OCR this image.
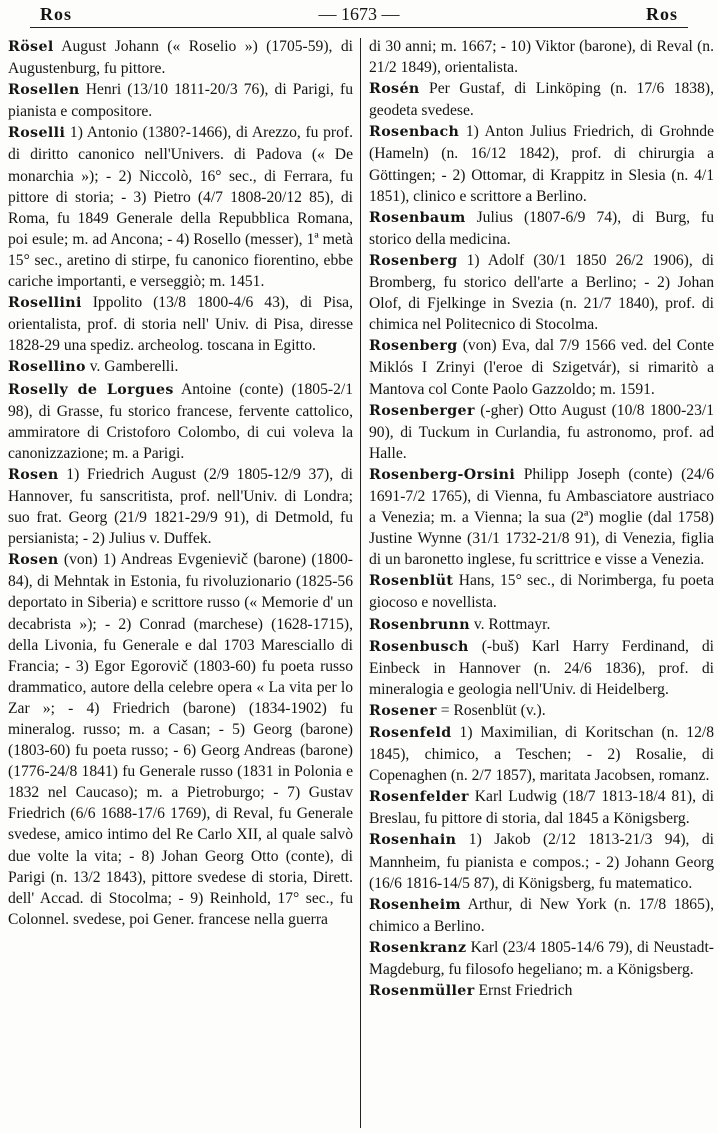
Ros	— 1673 —	Ros

Rösel August Johann (« Roselio ») (1705-59), di Augustenburg, fu pittore.

Rosellen Henri (13/10 1811-20/3 76), di Parigi, fu pianista e compositore.

Roselli 1) Antonio (1380?-1466), di Arezzo, fu prof. di diritto canonico nell'Univers. di Padova (« De monarchia »); - 2) Niccolò, 16° sec., di Ferrara, fu pittore di storia; - 3) Pietro (4/7 1808-20/12 85), di Roma, fu 1849 Generale della Repubblica Romana, poi esule; m. ad Ancona; - 4) Rosello (messer), 1ª metà 15° sec., aretino di stirpe, fu canonico fiorentino, ebbe cariche importanti, e verseggiò; m. 1451.

Rosellini Ippolito (13/8 1800-4/6 43), di Pisa, orientalista, prof. di storia nell' Univ. di Pisa, diresse 1828-29 una spediz. archeolog. toscana in Egitto.

Rosellino v. Gamberelli.

Roselly de Lorgues Antoine (conte) (1805-2/1 98), di Grasse, fu storico francese, fervente cattolico, ammiratore di Cristoforo Colombo, di cui voleva la canonizzazione; m. a Parigi.

Rosen 1) Friedrich August (2/9 1805-12/9 37), di Hannover, fu sanscritista, prof. nell'Univ. di Londra; suo frat. Georg (21/9 1821-29/9 91), di Detmold, fu persianista; - 2) Julius v. Duffek.

Rosen (von) 1) Andreas Evgenievič (barone) (1800-84), di Mehntak in Estonia, fu rivoluzionario (1825-56 deportato in Siberia) e scrittore russo (« Memorie d' un decabrista »); - 2) Conrad (marchese) (1628-1715), della Livonia, fu Generale e dal 1703 Maresciallo di Francia; - 3) Egor Egorovič (1803-60) fu poeta russo drammatico, autore della celebre opera « La vita per lo Zar »; - 4) Friedrich (barone) (1834-1902) fu mineralog. russo; m. a Casan; - 5) Georg (barone) (1803-60) fu poeta russo; - 6) Georg Andreas (barone) (1776-24/8 1841) fu Generale russo (1831 in Polonia e 1832 nel Caucaso); m. a Pietroburgo; - 7) Gustav Friedrich (6/6 1688-17/6 1769), di Reval, fu Generale svedese, amico intimo del Re Carlo XII, al quale salvò due volte la vita; - 8) Johan Georg Otto (conte), di Parigi (n. 13/2 1843), pittore svedese di storia, Dirett. dell' Accad. di Stocolma; - 9) Reinhold, 17° sec., fu Colonnel. svedese, poi Gener. francese nella guerra

di 30 anni; m. 1667; - 10) Viktor (barone), di Reval (n. 21/2 1849), orientalista.

Rosén Per Gustaf, di Linköping (n. 17/6 1838), geodeta svedese.

Rosenbach 1) Anton Julius Friedrich, di Grohnde (Hameln) (n. 16/12 1842), prof. di chirurgia a Göttingen; - 2) Ottomar, di Krappitz in Slesia (n. 4/1 1851), clinico e scrittore a Berlino.

Rosenbaum Julius (1807-6/9 74), di Burg, fu storico della medicina.

Rosenberg 1) Adolf (30/1 1850 26/2 1906), di Bromberg, fu storico dell'arte a Berlino; - 2) Johan Olof, di Fjelkinge in Svezia (n. 21/7 1840), prof. di chimica nel Politecnico di Stocolma.

Rosenberg (von) Eva, dal 7/9 1566 ved. del Conte Miklós I Zrinyi (l'eroe di Szigetvár), si rimaritò a Mantova col Conte Paolo Gazzoldo; m. 1591.

Rosenberger (-gher) Otto August (10/8 1800-23/1 90), di Tuckum in Curlandia, fu astronomo, prof. ad Halle.

Rosenberg-Orsini Philipp Joseph (conte) (24/6 1691-7/2 1765), di Vienna, fu Ambasciatore austriaco a Venezia; m. a Vienna; la sua (2ª) moglie (dal 1758) Justine Wynne (31/1 1732-21/8 91), di Venezia, figlia di un baronetto inglese, fu scrittrice e visse a Venezia.

Rosenblüt Hans, 15° sec., di Norimberga, fu poeta giocoso e novellista.

Rosenbrunn v. Rottmayr.

Rosenbusch (-buš) Karl Harry Ferdinand, di Einbeck in Hannover (n. 24/6 1836), prof. di mineralogia e geologia nell'Univ. di Heidelberg.

Rosener = Rosenblüt (v.).

Rosenfeld 1) Maximilian, di Koritschan (n. 12/8 1845), chimico, a Teschen; - 2) Rosalie, di Copenaghen (n. 2/7 1857), maritata Jacobsen, romanz.

Rosenfelder Karl Ludwig (18/7 1813-18/4 81), di Breslau, fu pittore di storia, dal 1845 a Königsberg.

Rosenhain 1) Jakob (2/12 1813-21/3 94), di Mannheim, fu pianista e compos.; - 2) Johann Georg (16/6 1816-14/5 87), di Königsberg, fu matematico.

Rosenheim Arthur, di New York (n. 17/8 1865), chimico a Berlino.

Rosenkranz Karl (23/4 1805-14/6 79), di Neustadt-Magdeburg, fu filosofo hegeliano; m. a Königsberg.

Rosenmüller Ernst Friedrich
